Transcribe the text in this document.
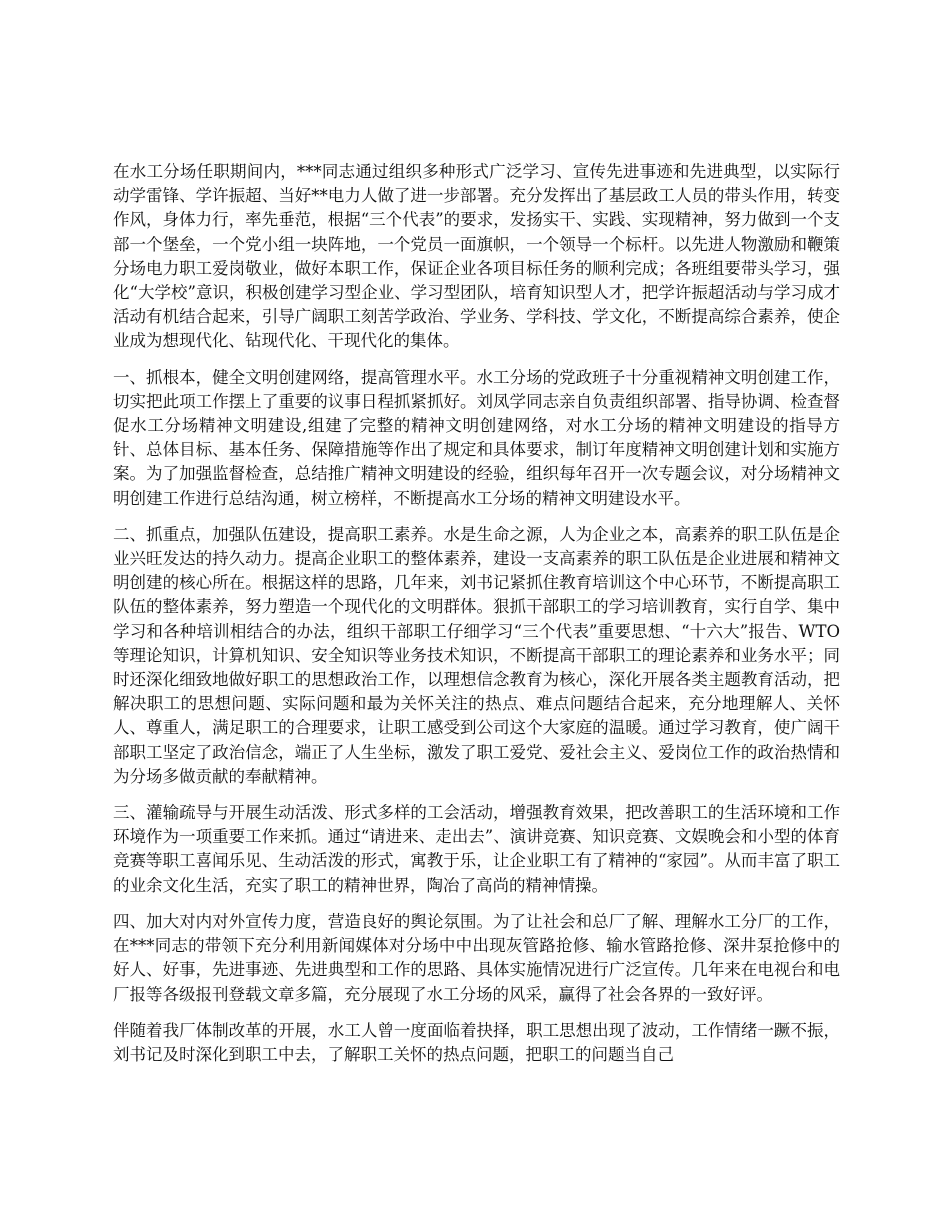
在水工分场任职期间内，***同志通过组织多种形式广泛学习、宣传先进事迹和先进典型，以实际行动学雷锋、学许振超、当好**电力人做了进一步部署。充分发挥出了基层政工人员的带头作用，转变作风，身体力行，率先垂范，根据“三个代表”的要求，发扬实干、实践、实现精神，努力做到一个支部一个堡垒，一个党小组一块阵地，一个党员一面旗帜，一个领导一个标杆。以先进人物激励和鞭策分场电力职工爱岗敬业，做好本职工作，保证企业各项目标任务的顺利完成；各班组要带头学习，强化“大学校”意识，积极创建学习型企业、学习型团队，培育知识型人才，把学许振超活动与学习成才活动有机结合起来，引导广阔职工刻苦学政治、学业务、学科技、学文化，不断提高综合素养，使企业成为想现代化、钻现代化、干现代化的集体。

一、抓根本，健全文明创建网络，提高管理水平。水工分场的党政班子十分重视精神文明创建工作，切实把此项工作摆上了重要的议事日程抓紧抓好。刘凤学同志亲自负责组织部署、指导协调、检查督促水工分场精神文明建设,组建了完整的精神文明创建网络，对水工分场的精神文明建设的指导方针、总体目标、基本任务、保障措施等作出了规定和具体要求，制订年度精神文明创建计划和实施方案。为了加强监督检查，总结推广精神文明建设的经验，组织每年召开一次专题会议，对分场精神文明创建工作进行总结沟通，树立榜样，不断提高水工分场的精神文明建设水平。

二、抓重点，加强队伍建设，提高职工素养。水是生命之源，人为企业之本，高素养的职工队伍是企业兴旺发达的持久动力。提高企业职工的整体素养，建设一支高素养的职工队伍是企业进展和精神文明创建的核心所在。根据这样的思路，几年来，刘书记紧抓住教育培训这个中心环节，不断提高职工队伍的整体素养，努力塑造一个现代化的文明群体。狠抓干部职工的学习培训教育，实行自学、集中学习和各种培训相结合的办法，组织干部职工仔细学习“三个代表”重要思想、“十六大”报告、WTO等理论知识，计算机知识、安全知识等业务技术知识，不断提高干部职工的理论素养和业务水平；同时还深化细致地做好职工的思想政治工作，以理想信念教育为核心，深化开展各类主题教育活动，把解决职工的思想问题、实际问题和最为关怀关注的热点、难点问题结合起来，充分地理解人、关怀人、尊重人，满足职工的合理要求，让职工感受到公司这个大家庭的温暖。通过学习教育，使广阔干部职工坚定了政治信念，端正了人生坐标，激发了职工爱党、爱社会主义、爱岗位工作的政治热情和为分场多做贡献的奉献精神。

三、灌输疏导与开展生动活泼、形式多样的工会活动，增强教育效果，把改善职工的生活环境和工作环境作为一项重要工作来抓。通过“请进来、走出去”、演讲竞赛、知识竞赛、文娱晚会和小型的体育竞赛等职工喜闻乐见、生动活泼的形式，寓教于乐，让企业职工有了精神的“家园”。从而丰富了职工的业余文化生活，充实了职工的精神世界，陶冶了高尚的精神情操。

四、加大对内对外宣传力度，营造良好的舆论氛围。为了让社会和总厂了解、理解水工分厂的工作，在***同志的带领下充分利用新闻媒体对分场中中出现灰管路抢修、输水管路抢修、深井泵抢修中的好人、好事，先进事迹、先进典型和工作的思路、具体实施情况进行广泛宣传。几年来在电视台和电厂报等各级报刊登载文章多篇，充分展现了水工分场的风采，赢得了社会各界的一致好评。

伴随着我厂体制改革的开展，水工人曾一度面临着抉择，职工思想出现了波动，工作情绪一蹶不振，刘书记及时深化到职工中去，了解职工关怀的热点问题，把职工的问题当自己
